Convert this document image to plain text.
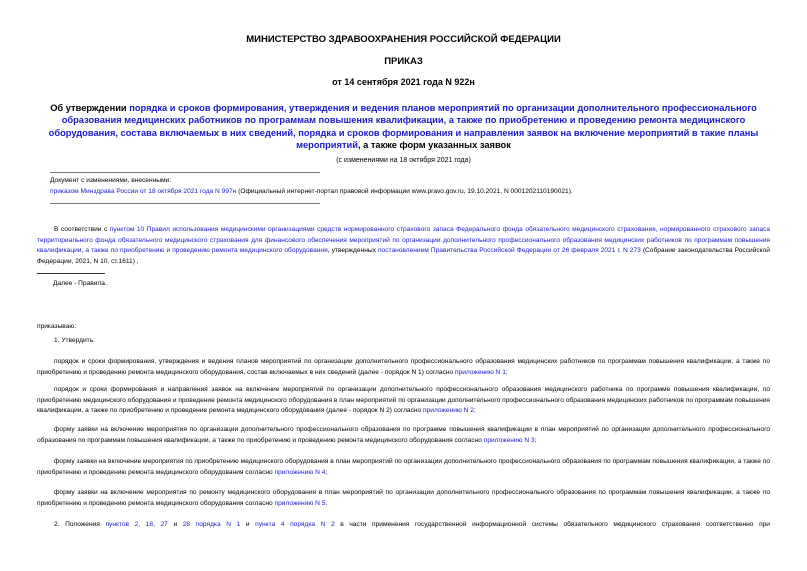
МИНИСТЕРСТВО ЗДРАВООХРАНЕНИЯ РОССИЙСКОЙ ФЕДЕРАЦИИ
ПРИКАЗ
от 14 сентября 2021 года N 922н
Об утверждении порядка и сроков формирования, утверждения и ведения планов мероприятий по организации дополнительного профессионального образования медицинских работников по программам повышения квалификации, а также по приобретению и проведению ремонта медицинского оборудования, состава включаемых в них сведений, порядка и сроков формирования и направления заявок на включение мероприятий в такие планы мероприятий, а также форм указанных заявок
(с изменениями на 18 октября 2021 года)
Документ с изменениями, внесенными:
приказом Минздрава России от 18 октября 2021 года N 997н (Официальный интернет-портал правовой информации www.pravo.gov.ru, 19.10.2021, N 0001202110190021).
В соответствии с пунктом 10 Правил использования медицинскими организациями средств нормированного страхового запаса Федерального фонда обязательного медицинского страхования, нормированного страхового запаса территориального фонда обязательного медицинского страхования для финансового обеспечения мероприятий по организации дополнительного профессионального образования медицинских работников по программам повышения квалификации, а также по приобретению и проведению ремонта медицинского оборудования, утвержденных постановлением Правительства Российской Федерации от 26 февраля 2021 г. N 273 (Собрание законодательства Российской Федерации, 2021, N 10, ст.1611) ,
Далее - Правила.
приказываю:
1. Утвердить:
порядок и сроки формирования, утверждения и ведения планов мероприятий по организации дополнительного профессионального образования медицинских работников по программам повышения квалификации, а также по приобретению и проведению ремонта медицинского оборудования, состав включаемых в них сведений (далее - порядок N 1) согласно приложению N 1;
порядок и сроки формирования и направления заявок на включение мероприятий по организации дополнительного профессионального образования медицинского работника по программе повышения квалификации, по приобретению медицинского оборудования и проведение ремонта медицинского оборудования в план мероприятий по организации дополнительного профессионального образования медицинских работников по программам повышения квалификации, а также по приобретению и проведение ремонта медицинского оборудования (далее - порядок N 2) согласно приложению N 2;
форму заявки на включение мероприятия по организации дополнительного профессионального образования по программе повышения квалификации в план мероприятий по организации дополнительного профессионального образования по программам повышения квалификации, а также по приобретению и проведению ремонта медицинского оборудования согласно приложению N 3;
форму заявки на включение мероприятия по приобретению медицинского оборудования в план мероприятий по организации дополнительного профессионального образования по программам повышения квалификации, а также по приобретению и проведению ремонта медицинского оборудования согласно приложению N 4;
форму заявки на включение мероприятия по ремонту медицинского оборудования в план мероприятий по организации дополнительного профессионального образования по программам повышения квалификации, а также по приобретению и проведению ремонта медицинского оборудования согласно приложению N 5.
2. Положения пунктов 2, 18, 27 и 28 порядка N 1 и пункта 4 порядка N 2 в части применения государственной информационной системы обязательного медицинского страхования соответственно при
